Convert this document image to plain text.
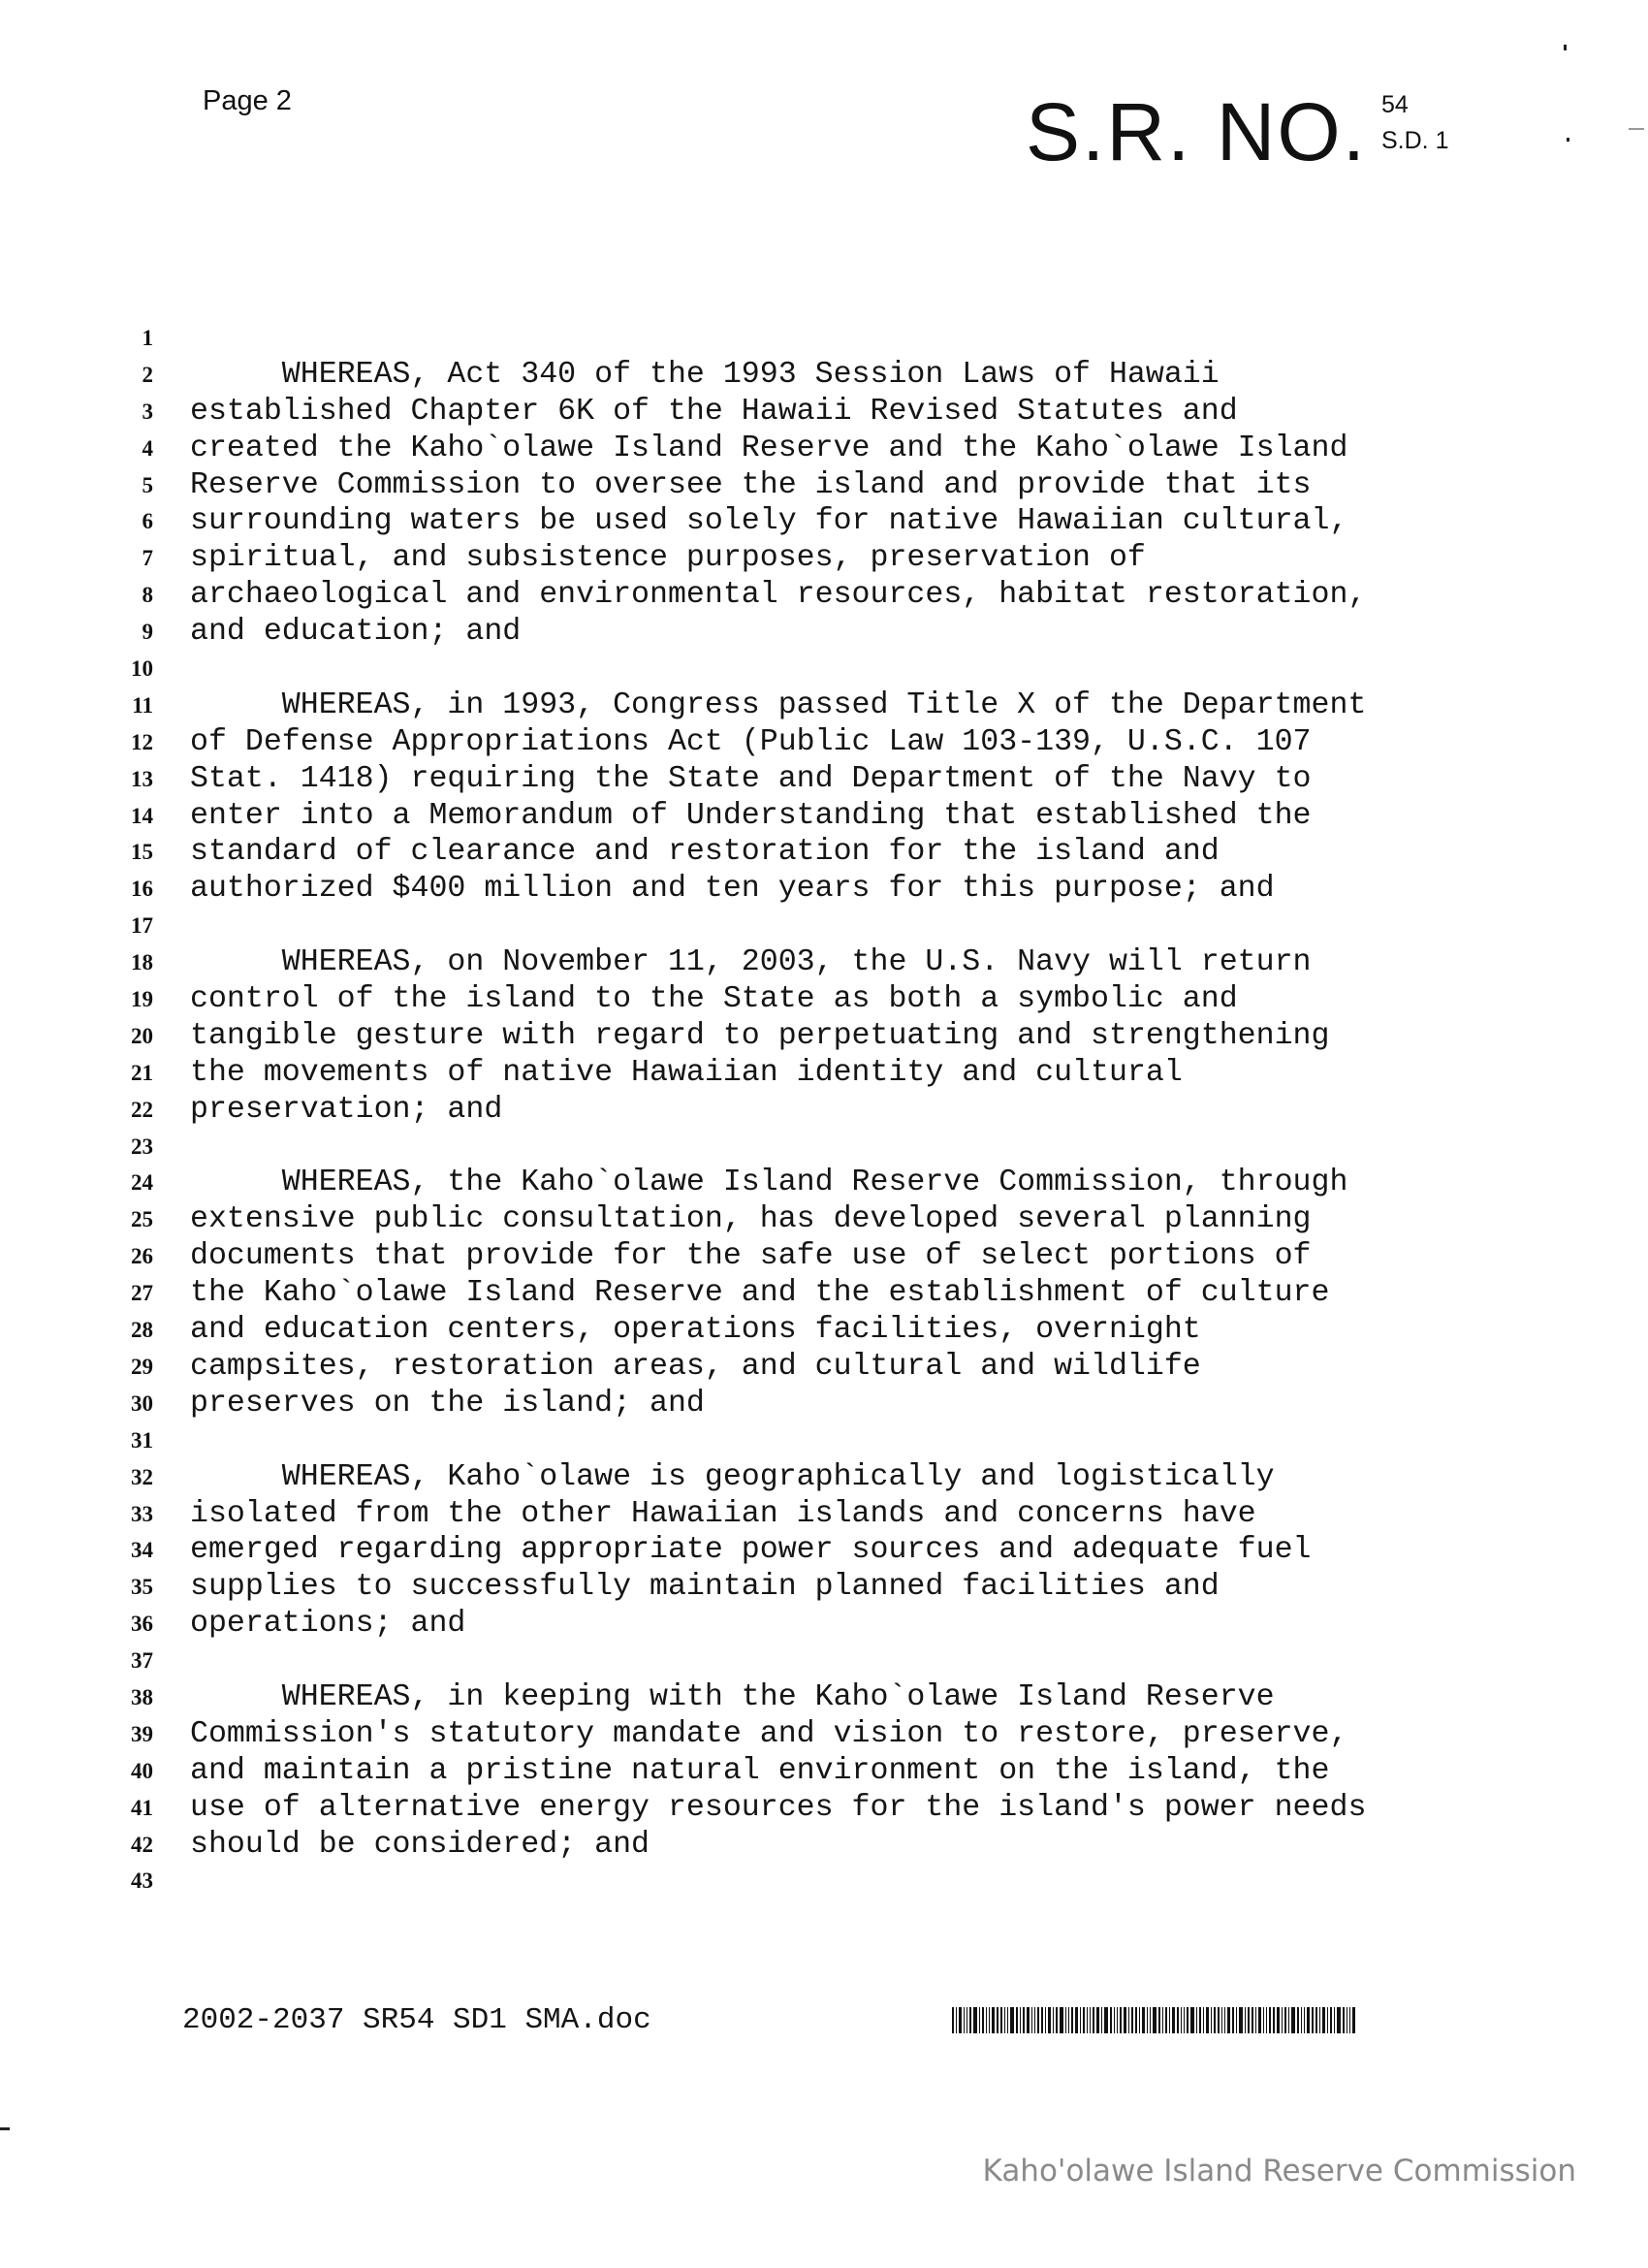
Page 2	S.R. NO. 54
S.D. 1
1
2
3
4
5
6
7
8
9
10
11
12
13
14
15
16
17
18
19
20
21
22
23
24
25
26
27
28
29
30
31
32
33
34
35
36
37
38
39
40
41
42
43
WHEREAS, Act 340 of the 1993 Session Laws of Hawaii
established Chapter 6K of the Hawaii Revised Statutes and
created the Kaho`olawe Island Reserve and the Kaho`olawe Island
Reserve Commission to oversee the island and provide that its
surrounding waters be used solely for native Hawaiian cultural,
spiritual, and subsistence purposes, preservation of
archaeological and environmental resources, habitat restoration,
and education; and
WHEREAS, in 1993, Congress passed Title X of the Department
of Defense Appropriations Act (Public Law 103-139, U.S.C. 107
Stat. 1418) requiring the State and Department of the Navy to
enter into a Memorandum of Understanding that established the
standard of clearance and restoration for the island and
authorized $400 million and ten years for this purpose; and
WHEREAS, on November 11, 2003, the U.S. Navy will return
control of the island to the State as both a symbolic and
tangible gesture with regard to perpetuating and strengthening
the movements of native Hawaiian identity and cultural
preservation; and
WHEREAS, the Kaho`olawe Island Reserve Commission, through
extensive public consultation, has developed several planning
documents that provide for the safe use of select portions of
the Kaho`olawe Island Reserve and the establishment of culture
and education centers, operations facilities, overnight
campsites, restoration areas, and cultural and wildlife
preserves on the island; and
WHEREAS, Kaho`olawe is geographically and logistically
isolated from the other Hawaiian islands and concerns have
emerged regarding appropriate power sources and adequate fuel
supplies to successfully maintain planned facilities and
operations; and
WHEREAS, in keeping with the Kaho`olawe Island Reserve
Commission's statutory mandate and vision to restore, preserve,
and maintain a pristine natural environment on the island, the
use of alternative energy resources for the island's power needs
should be considered; and
2002-2037 SR54 SD1 SMA.doc
Kaho'olawe Island Reserve Commission
